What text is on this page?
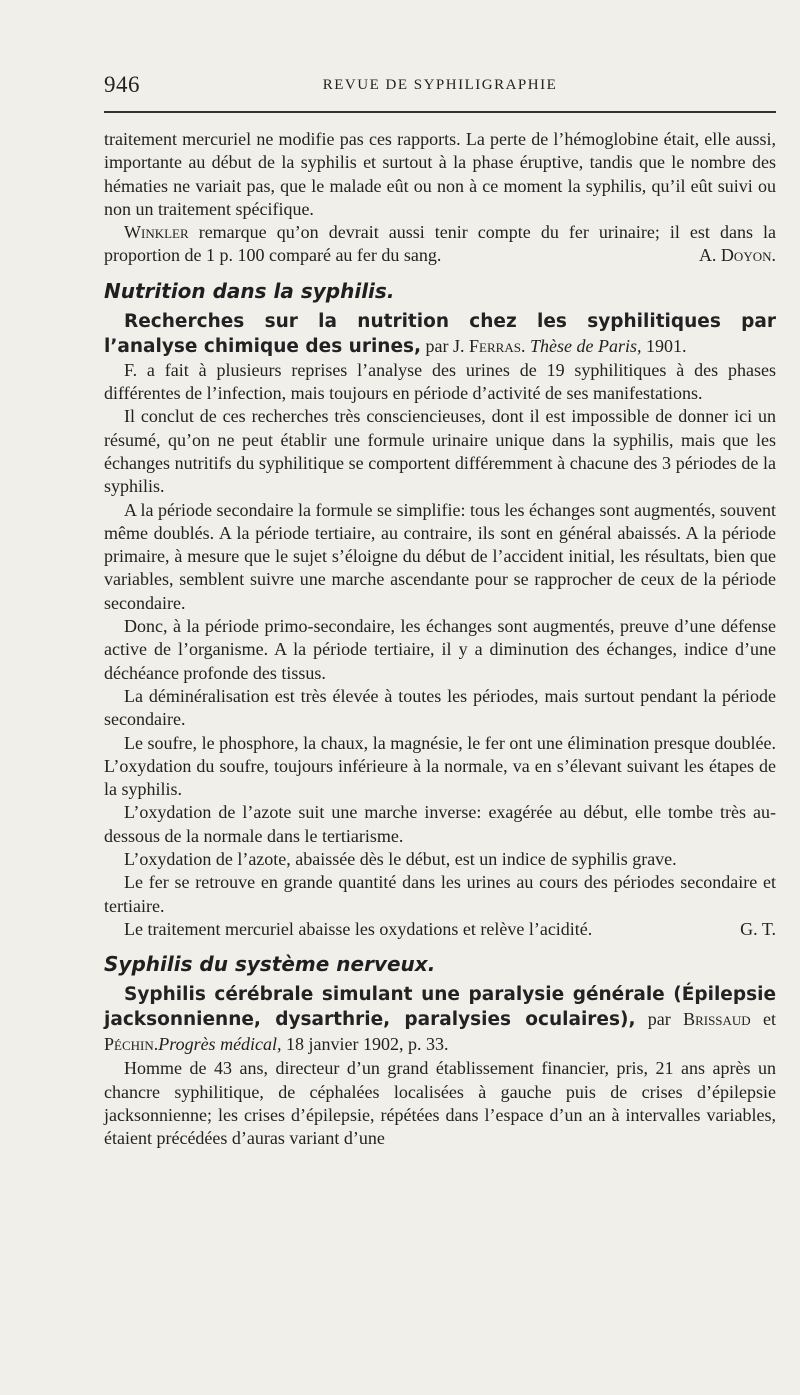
946	REVUE DE SYPHILIGRAPHIE

traitement mercuriel ne modifie pas ces rapports. La perte de l’hémoglobine était, elle aussi, importante au début de la syphilis et surtout à la phase éruptive, tandis que le nombre des hématies ne variait pas, que le malade eût ou non à ce moment la syphilis, qu’il eût suivi ou non un traitement spécifique.

Winkler remarque qu’on devrait aussi tenir compte du fer urinaire; il est dans la proportion de 1 p. 100 comparé au fer du sang.	A. Doyon.

Nutrition dans la syphilis.

Recherches sur la nutrition chez les syphilitiques par l’analyse chimique des urines, par J. Ferras. Thèse de Paris, 1901.

F. a fait à plusieurs reprises l’analyse des urines de 19 syphilitiques à des phases différentes de l’infection, mais toujours en période d’activité de ses manifestations.

Il conclut de ces recherches très consciencieuses, dont il est impossible de donner ici un résumé, qu’on ne peut établir une formule urinaire unique dans la syphilis, mais que les échanges nutritifs du syphilitique se comportent différemment à chacune des 3 périodes de la syphilis.

A la période secondaire la formule se simplifie: tous les échanges sont augmentés, souvent même doublés. A la période tertiaire, au contraire, ils sont en général abaissés. A la période primaire, à mesure que le sujet s’éloigne du début de l’accident initial, les résultats, bien que variables, semblent suivre une marche ascendante pour se rapprocher de ceux de la période secondaire.

Donc, à la période primo-secondaire, les échanges sont augmentés, preuve d’une défense active de l’organisme. A la période tertiaire, il y a diminution des échanges, indice d’une déchéance profonde des tissus.

La déminéralisation est très élevée à toutes les périodes, mais surtout pendant la période secondaire.

Le soufre, le phosphore, la chaux, la magnésie, le fer ont une élimination presque doublée. L’oxydation du soufre, toujours inférieure à la normale, va en s’élevant suivant les étapes de la syphilis.

L’oxydation de l’azote suit une marche inverse: exagérée au début, elle tombe très au-dessous de la normale dans le tertiarisme.

L’oxydation de l’azote, abaissée dès le début, est un indice de syphilis grave.

Le fer se retrouve en grande quantité dans les urines au cours des périodes secondaire et tertiaire.

Le traitement mercuriel abaisse les oxydations et relève l’acidité.	G. T.

Syphilis du système nerveux.

Syphilis cérébrale simulant une paralysie générale (Épilepsie jacksonnienne, dysarthrie, paralysies oculaires), par Brissaud et Péchin.Progrès médical, 18 janvier 1902, p. 33.

Homme de 43 ans, directeur d’un grand établissement financier, pris, 21 ans après un chancre syphilitique, de céphalées localisées à gauche puis de crises d’épilepsie jacksonnienne; les crises d’épilepsie, répétées dans l’espace d’un an à intervalles variables, étaient précédées d’auras variant d’une
